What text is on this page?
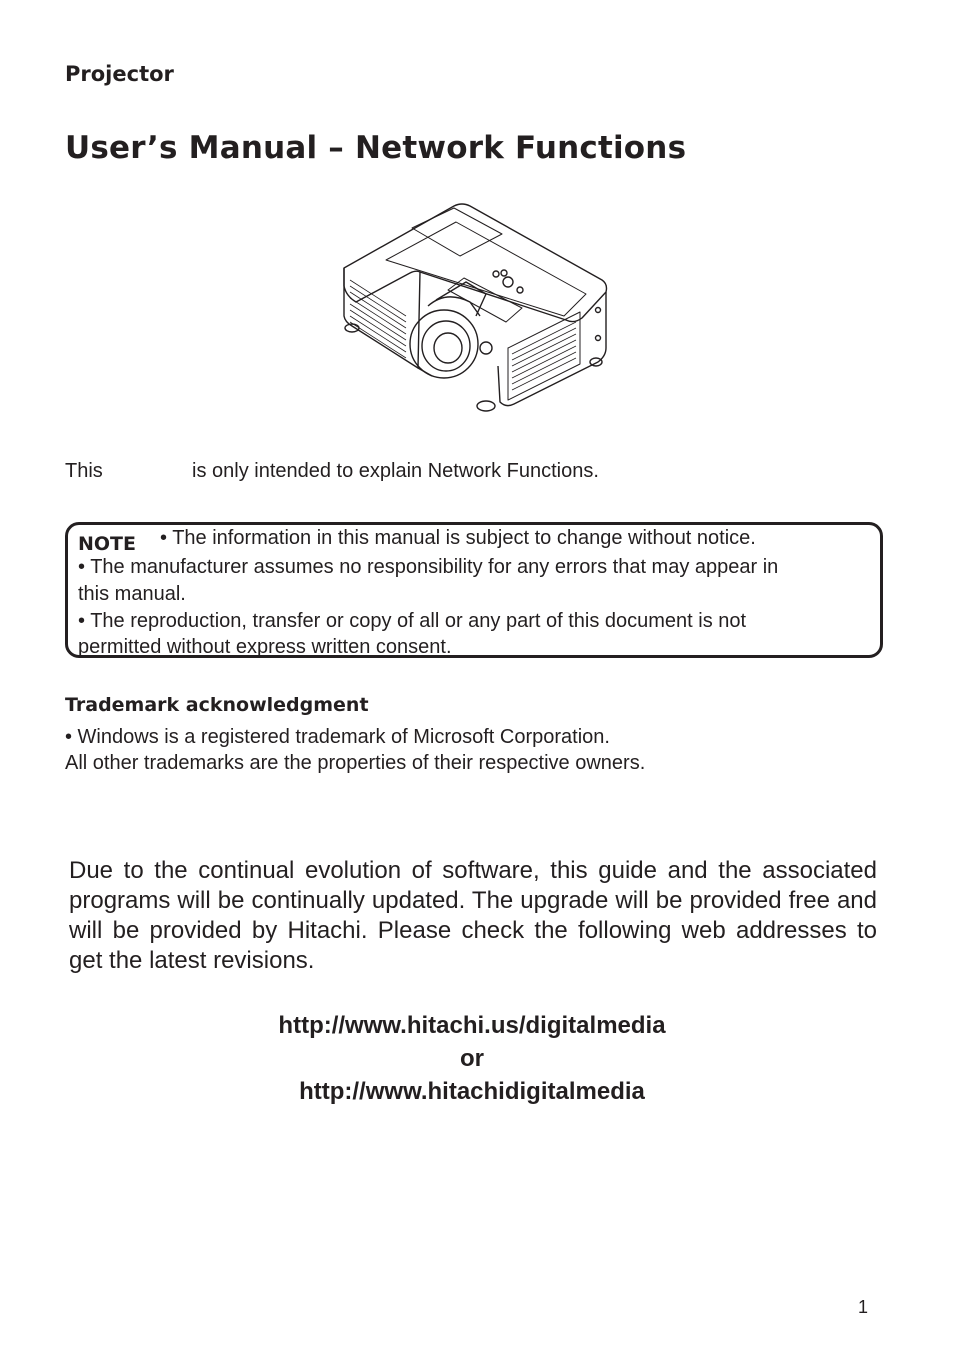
Projector
User’s Manual – Network Functions
This	is only intended to explain Network Functions.
NOTE • The information in this manual is subject to change without notice.
• The manufacturer assumes no responsibility for any errors that may appear in
this manual.
• The reproduction, transfer or copy of all or any part of this document is not
permitted without express written consent.
Trademark acknowledgment
• Windows is a registered trademark of Microsoft Corporation.
All other trademarks are the properties of their respective owners.

Due to the continual evolution of software, this guide and the associated programs will be continually updated. The upgrade will be provided free and will be provided by Hitachi. Please check the following web addresses to get the latest revisions.

http://www.hitachi.us/digitalmedia
or
http://www.hitachidigitalmedia
1
